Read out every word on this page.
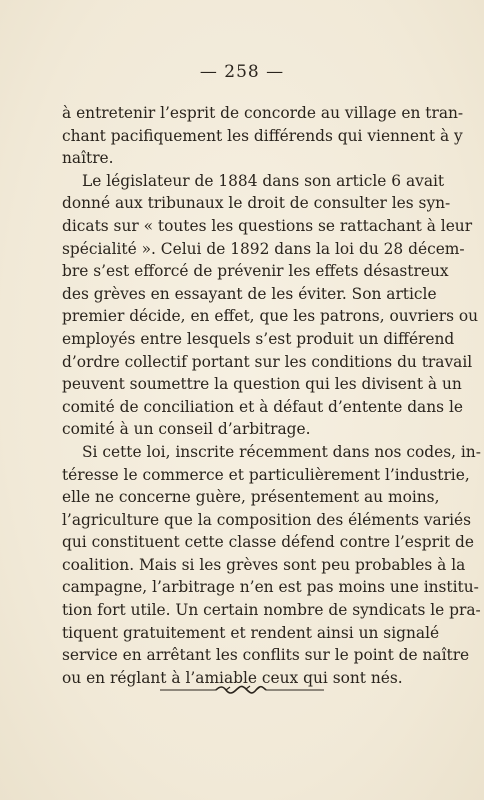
— 258 —
à entretenir l’esprit de concorde au village en tran-
chant pacifiquement les différends qui viennent à y
naître.
Le législateur de 1884 dans son article 6 avait
donné aux tribunaux le droit de consulter les syn-
dicats sur « toutes les questions se rattachant à leur
spécialité ». Celui de 1892 dans la loi du 28 décem-
bre s’est efforcé de prévenir les effets désastreux
des grèves en essayant de les éviter. Son article
premier décide, en effet, que les patrons, ouvriers ou
employés entre lesquels s’est produit un différend
d’ordre collectif portant sur les conditions du travail
peuvent soumettre la question qui les divisent à un
comité de conciliation et à défaut d’entente dans le
comité à un conseil d’arbitrage.
Si cette loi, inscrite récemment dans nos codes, in-
téresse le commerce et particulièrement l’industrie,
elle ne concerne guère, présentement au moins,
l’agriculture que la composition des éléments variés
qui constituent cette classe défend contre l’esprit de
coalition. Mais si les grèves sont peu probables à la
campagne, l’arbitrage n’en est pas moins une institu-
tion fort utile. Un certain nombre de syndicats le pra-
tiquent gratuitement et rendent ainsi un signalé
service en arrêtant les conflits sur le point de naître
ou en réglant à l’amiable ceux qui sont nés.
